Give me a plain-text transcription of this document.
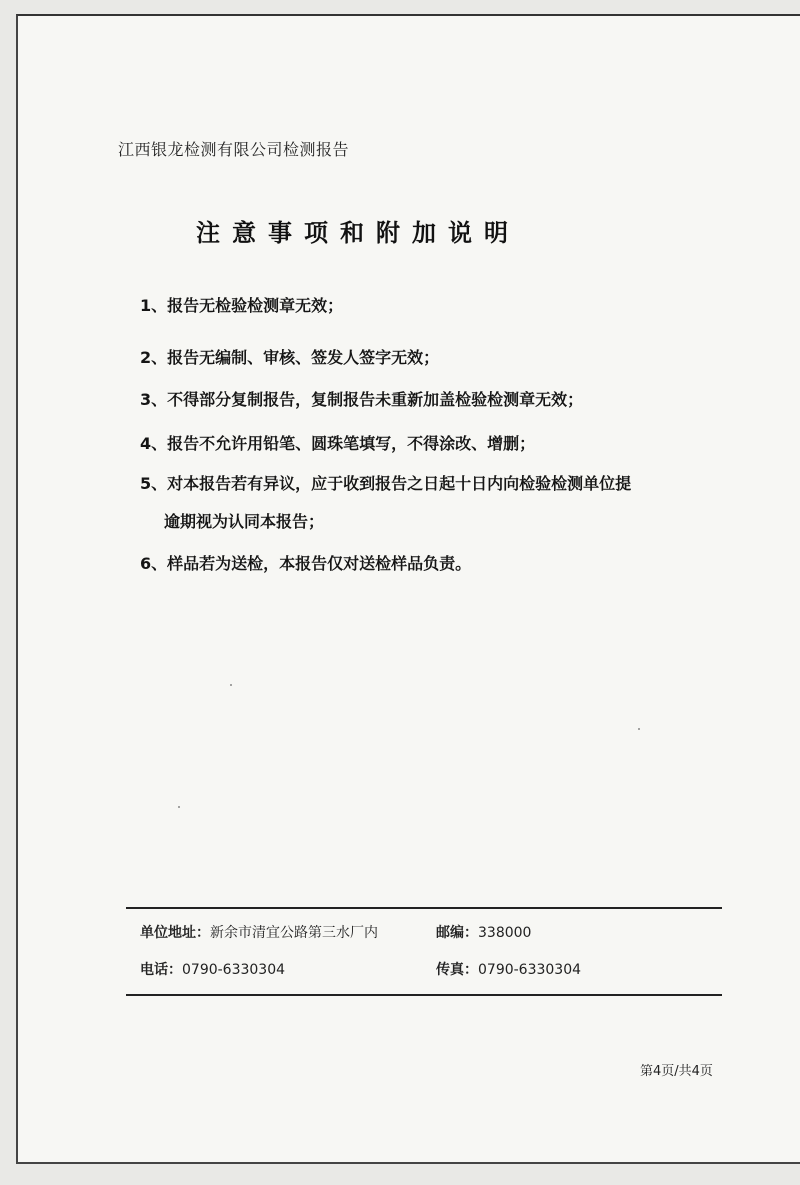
江西银龙检测有限公司检测报告
注意事项和附加说明
1、报告无检验检测章无效；
2、报告无编制、审核、签发人签字无效；
3、不得部分复制报告，复制报告未重新加盖检验检测章无效；
4、报告不允许用铅笔、圆珠笔填写，不得涂改、增删；
5、对本报告若有异议，应于收到报告之日起十日内向检验检测单位提
逾期视为认同本报告；
6、样品若为送检，本报告仅对送检样品负责。
单位地址：新余市清宜公路第三水厂内	邮编：338000
电话：0790-6330304	传真：0790-6330304
第4页/共4页
